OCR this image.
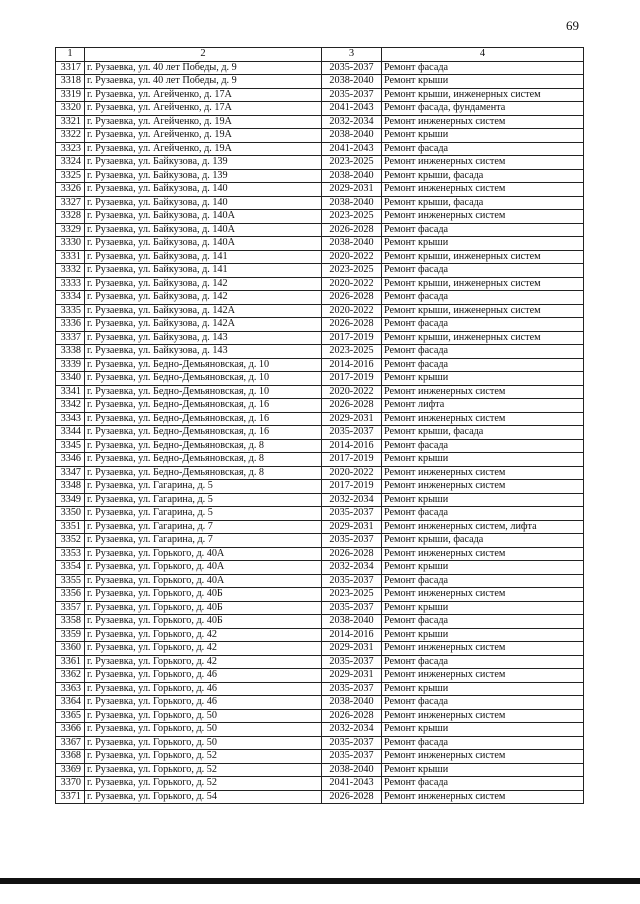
69
1	2	3	4
3317	г. Рузаевка, ул. 40 лет Победы, д. 9	2035-2037	Ремонт фасада
3318	г. Рузаевка, ул. 40 лет Победы, д. 9	2038-2040	Ремонт крыши
3319	г. Рузаевка, ул. Агейченко, д. 17А	2035-2037	Ремонт крыши, инженерных систем
3320	г. Рузаевка, ул. Агейченко, д. 17А	2041-2043	Ремонт фасада, фундамента
3321	г. Рузаевка, ул. Агейченко, д. 19А	2032-2034	Ремонт инженерных систем
3322	г. Рузаевка, ул. Агейченко, д. 19А	2038-2040	Ремонт крыши
3323	г. Рузаевка, ул. Агейченко, д. 19А	2041-2043	Ремонт фасада
3324	г. Рузаевка, ул. Байкузова, д. 139	2023-2025	Ремонт инженерных систем
3325	г. Рузаевка, ул. Байкузова, д. 139	2038-2040	Ремонт крыши, фасада
3326	г. Рузаевка, ул. Байкузова, д. 140	2029-2031	Ремонт инженерных систем
3327	г. Рузаевка, ул. Байкузова, д. 140	2038-2040	Ремонт крыши, фасада
3328	г. Рузаевка, ул. Байкузова, д. 140А	2023-2025	Ремонт инженерных систем
3329	г. Рузаевка, ул. Байкузова, д. 140А	2026-2028	Ремонт фасада
3330	г. Рузаевка, ул. Байкузова, д. 140А	2038-2040	Ремонт крыши
3331	г. Рузаевка, ул. Байкузова, д. 141	2020-2022	Ремонт крыши, инженерных систем
3332	г. Рузаевка, ул. Байкузова, д. 141	2023-2025	Ремонт фасада
3333	г. Рузаевка, ул. Байкузова, д. 142	2020-2022	Ремонт крыши, инженерных систем
3334	г. Рузаевка, ул. Байкузова, д. 142	2026-2028	Ремонт фасада
3335	г. Рузаевка, ул. Байкузова, д. 142А	2020-2022	Ремонт крыши, инженерных систем
3336	г. Рузаевка, ул. Байкузова, д. 142А	2026-2028	Ремонт фасада
3337	г. Рузаевка, ул. Байкузова, д. 143	2017-2019	Ремонт крыши, инженерных систем
3338	г. Рузаевка, ул. Байкузова, д. 143	2023-2025	Ремонт фасада
3339	г. Рузаевка, ул. Бедно-Демьяновская, д. 10	2014-2016	Ремонт фасада
3340	г. Рузаевка, ул. Бедно-Демьяновская, д. 10	2017-2019	Ремонт крыши
3341	г. Рузаевка, ул. Бедно-Демьяновская, д. 10	2020-2022	Ремонт инженерных систем
3342	г. Рузаевка, ул. Бедно-Демьяновская, д. 16	2026-2028	Ремонт лифта
3343	г. Рузаевка, ул. Бедно-Демьяновская, д. 16	2029-2031	Ремонт инженерных систем
3344	г. Рузаевка, ул. Бедно-Демьяновская, д. 16	2035-2037	Ремонт крыши, фасада
3345	г. Рузаевка, ул. Бедно-Демьяновская, д. 8	2014-2016	Ремонт фасада
3346	г. Рузаевка, ул. Бедно-Демьяновская, д. 8	2017-2019	Ремонт крыши
3347	г. Рузаевка, ул. Бедно-Демьяновская, д. 8	2020-2022	Ремонт инженерных систем
3348	г. Рузаевка, ул. Гагарина, д. 5	2017-2019	Ремонт инженерных систем
3349	г. Рузаевка, ул. Гагарина, д. 5	2032-2034	Ремонт крыши
3350	г. Рузаевка, ул. Гагарина, д. 5	2035-2037	Ремонт фасада
3351	г. Рузаевка, ул. Гагарина, д. 7	2029-2031	Ремонт инженерных систем, лифта
3352	г. Рузаевка, ул. Гагарина, д. 7	2035-2037	Ремонт крыши, фасада
3353	г. Рузаевка, ул. Горького, д. 40А	2026-2028	Ремонт инженерных систем
3354	г. Рузаевка, ул. Горького, д. 40А	2032-2034	Ремонт крыши
3355	г. Рузаевка, ул. Горького, д. 40А	2035-2037	Ремонт фасада
3356	г. Рузаевка, ул. Горького, д. 40Б	2023-2025	Ремонт инженерных систем
3357	г. Рузаевка, ул. Горького, д. 40Б	2035-2037	Ремонт крыши
3358	г. Рузаевка, ул. Горького, д. 40Б	2038-2040	Ремонт фасада
3359	г. Рузаевка, ул. Горького, д. 42	2014-2016	Ремонт крыши
3360	г. Рузаевка, ул. Горького, д. 42	2029-2031	Ремонт инженерных систем
3361	г. Рузаевка, ул. Горького, д. 42	2035-2037	Ремонт фасада
3362	г. Рузаевка, ул. Горького, д. 46	2029-2031	Ремонт инженерных систем
3363	г. Рузаевка, ул. Горького, д. 46	2035-2037	Ремонт крыши
3364	г. Рузаевка, ул. Горького, д. 46	2038-2040	Ремонт фасада
3365	г. Рузаевка, ул. Горького, д. 50	2026-2028	Ремонт инженерных систем
3366	г. Рузаевка, ул. Горького, д. 50	2032-2034	Ремонт крыши
3367	г. Рузаевка, ул. Горького, д. 50	2035-2037	Ремонт фасада
3368	г. Рузаевка, ул. Горького, д. 52	2035-2037	Ремонт инженерных систем
3369	г. Рузаевка, ул. Горького, д. 52	2038-2040	Ремонт крыши
3370	г. Рузаевка, ул. Горького, д. 52	2041-2043	Ремонт фасада
3371	г. Рузаевка, ул. Горького, д. 54	2026-2028	Ремонт инженерных систем
